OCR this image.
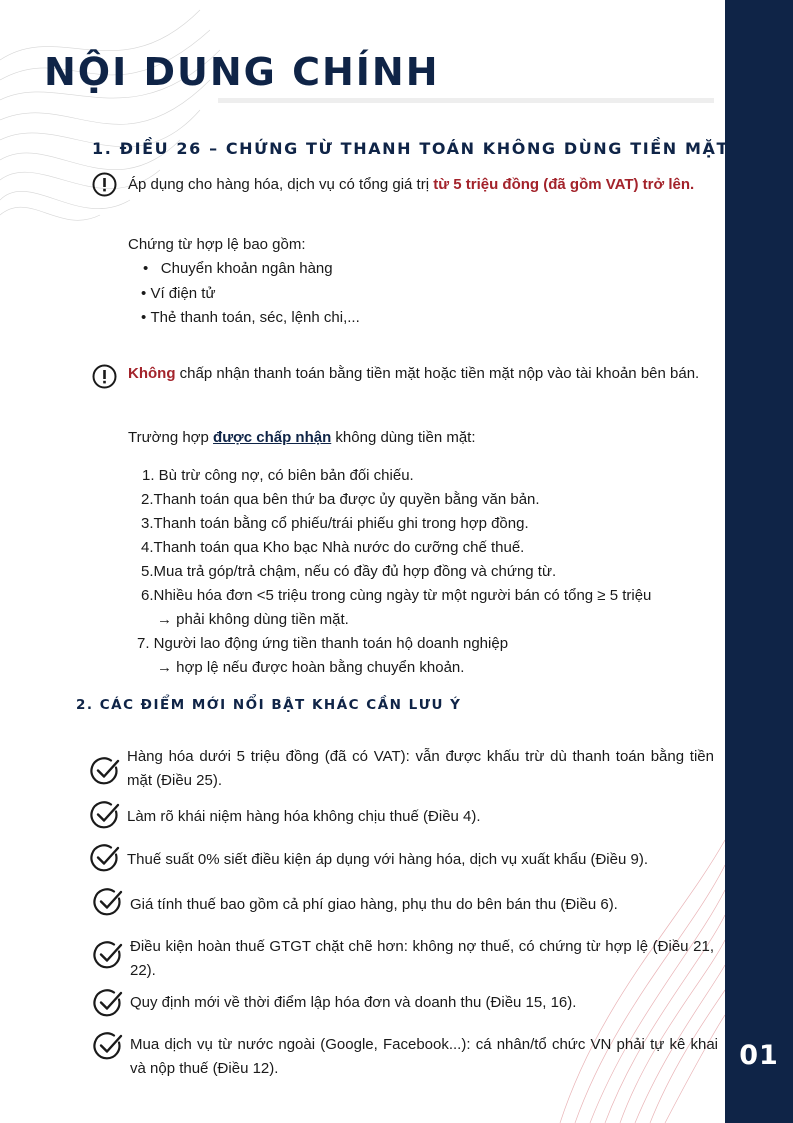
01
NỘI DUNG CHÍNH
1. ĐIỀU 26 – CHỨNG TỪ THANH TOÁN KHÔNG DÙNG TIỀN MẶT
Áp dụng cho hàng hóa, dịch vụ có tổng giá trị từ 5 triệu đồng (đã gồm VAT) trở lên.
Chứng từ hợp lệ bao gồm:
• Chuyển khoản ngân hàng
• Ví điện tử
• Thẻ thanh toán, séc, lệnh chi,...
Không chấp nhận thanh toán bằng tiền mặt hoặc tiền mặt nộp vào tài khoản bên bán.
Trường hợp được chấp nhận không dùng tiền mặt:
1. Bù trừ công nợ, có biên bản đối chiếu.
2.Thanh toán qua bên thứ ba được ủy quyền bằng văn bản.
3.Thanh toán bằng cổ phiếu/trái phiếu ghi trong hợp đồng.
4.Thanh toán qua Kho bạc Nhà nước do cưỡng chế thuế.
5.Mua trả góp/trả chậm, nếu có đầy đủ hợp đồng và chứng từ.
6.Nhiều hóa đơn <5 triệu trong cùng ngày từ một người bán có tổng ≥ 5 triệu
→ phải không dùng tiền mặt.
7. Người lao động ứng tiền thanh toán hộ doanh nghiệp
→ hợp lệ nếu được hoàn bằng chuyển khoản.
2. CÁC ĐIỂM MỚI NỔI BẬT KHÁC CẦN LƯU Ý
Hàng hóa dưới 5 triệu đồng (đã có VAT): vẫn được khấu trừ dù thanh toán bằng tiền mặt (Điều 25).
Làm rõ khái niệm hàng hóa không chịu thuế (Điều 4).
Thuế suất 0% siết điều kiện áp dụng với hàng hóa, dịch vụ xuất khẩu (Điều 9).
Giá tính thuế bao gồm cả phí giao hàng, phụ thu do bên bán thu (Điều 6).
Điều kiện hoàn thuế GTGT chặt chẽ hơn: không nợ thuế, có chứng từ hợp lệ (Điều 21, 22).
Quy định mới về thời điểm lập hóa đơn và doanh thu (Điều 15, 16).
Mua dịch vụ từ nước ngoài (Google, Facebook...): cá nhân/tổ chức VN phải tự kê khai và nộp thuế (Điều 12).
